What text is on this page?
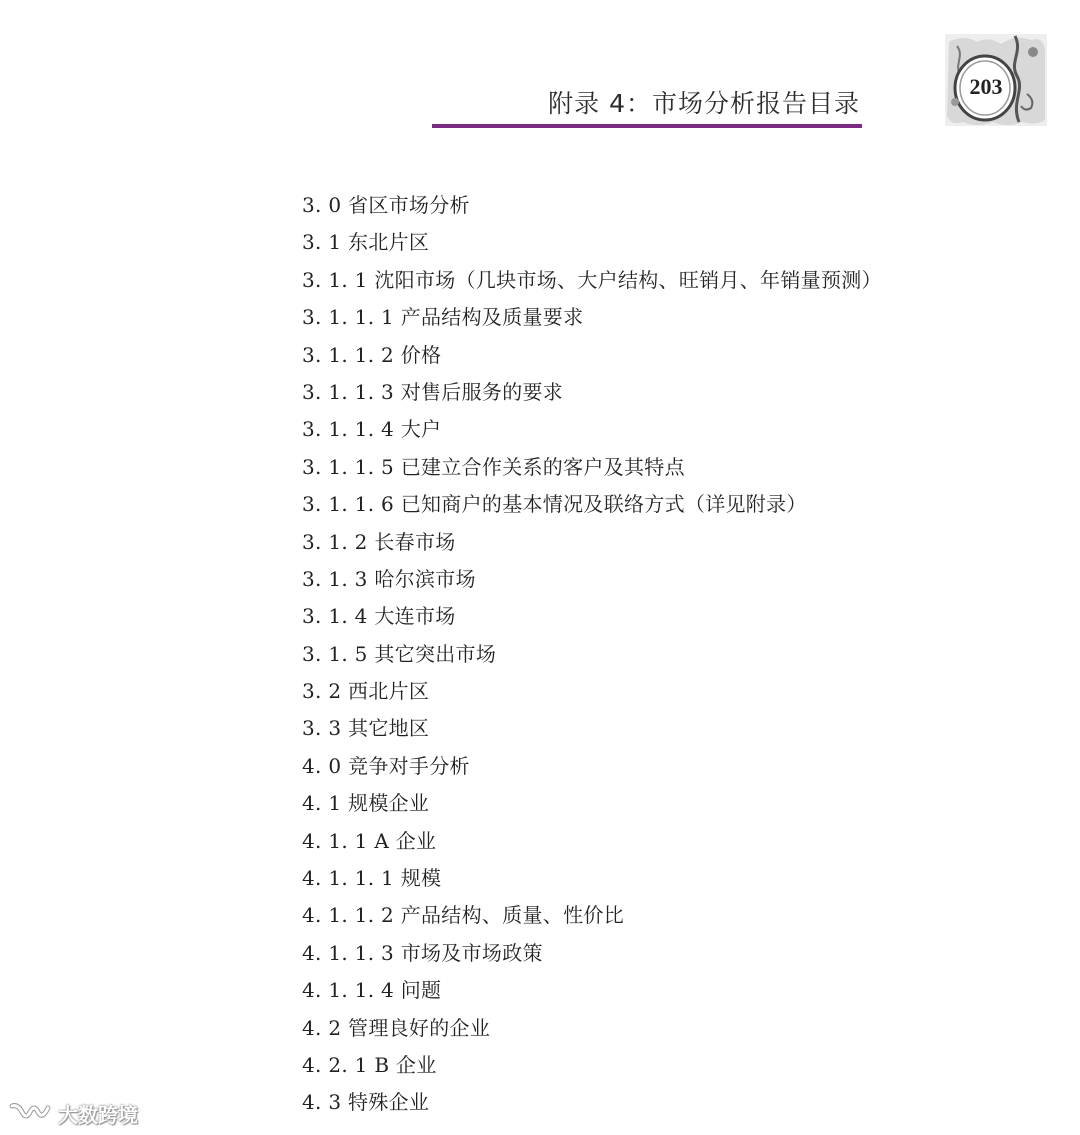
附录 4：市场分析报告目录
203
3. 0 省区市场分析
3. 1 东北片区
3. 1. 1 沈阳市场（几块市场、大户结构、旺销月、年销量预测）
3. 1. 1. 1 产品结构及质量要求
3. 1. 1. 2 价格
3. 1. 1. 3 对售后服务的要求
3. 1. 1. 4 大户
3. 1. 1. 5 已建立合作关系的客户及其特点
3. 1. 1. 6 已知商户的基本情况及联络方式（详见附录）
3. 1. 2 长春市场
3. 1. 3 哈尔滨市场
3. 1. 4 大连市场
3. 1. 5 其它突出市场
3. 2 西北片区
3. 3 其它地区
4. 0 竞争对手分析
4. 1 规模企业
4. 1. 1 A 企业
4. 1. 1. 1 规模
4. 1. 1. 2 产品结构、质量、性价比
4. 1. 1. 3 市场及市场政策
4. 1. 1. 4 问题
4. 2 管理良好的企业
4. 2. 1 B 企业
4. 3 特殊企业
大数跨境
